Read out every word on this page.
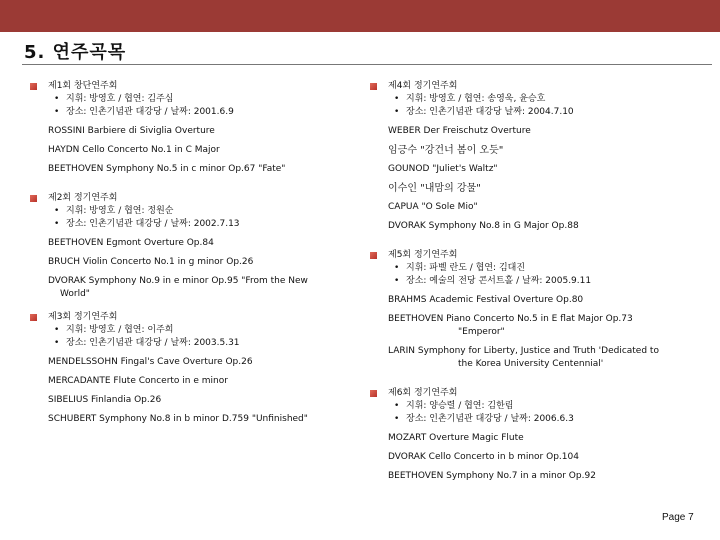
5. 연주곡목
제1회 창단연주회
• 지휘: 방영호 / 협연: 김주심
• 장소: 인촌기념관 대강당 / 날짜: 2001.6.9
ROSSINI Barbiere di Siviglia Overture
HAYDN Cello Concerto No.1 in C Major
BEETHOVEN Symphony No.5 in c minor Op.67 "Fate"
제2회 정기연주회
• 지휘: 방영호 / 협연: 정원순
• 장소: 인촌기념관 대강당 / 날짜: 2002.7.13
BEETHOVEN Egmont Overture Op.84
BRUCH Violin Concerto No.1 in g minor Op.26
DVORAK Symphony No.9 in e minor Op.95 "From the New
World"
제3회 정기연주회
• 지휘: 방영호 / 협연: 이주희
• 장소: 인촌기념관 대강당 / 날짜: 2003.5.31
MENDELSSOHN Fingal's Cave Overture Op.26
MERCADANTE Flute Concerto in e minor
SIBELIUS Finlandia Op.26
SCHUBERT Symphony No.8 in b minor D.759 "Unfinished"
제4회 정기연주회
• 지휘: 방영호 / 협연: 송영욱, 윤승호
• 장소: 인촌기념관 대강당 날짜: 2004.7.10
WEBER Der Freischutz Overture
임긍수 "강건너 봄이 오듯"
GOUNOD "Juliet's Waltz"
이수인 "내맘의 강물"
CAPUA "O Sole Mio"
DVORAK Symphony No.8 in G Major Op.88
제5회 정기연주회
• 지휘: 파벨 란도 / 협연: 김대진
• 장소: 예술의 전당 콘서트홀 / 날짜: 2005.9.11
BRAHMS Academic Festival Overture Op.80
BEETHOVEN Piano Concerto No.5 in E flat Major Op.73
"Emperor"
LARIN Symphony for Liberty, Justice and Truth 'Dedicated to
the Korea University Centennial'
제6회 정기연주회
• 지휘: 양승렬 / 협연: 김한림
• 장소: 인촌기념관 대강당 / 날짜: 2006.6.3
MOZART Overture Magic Flute
DVORAK Cello Concerto in b minor Op.104
BEETHOVEN Symphony No.7 in a minor Op.92
Page 7
